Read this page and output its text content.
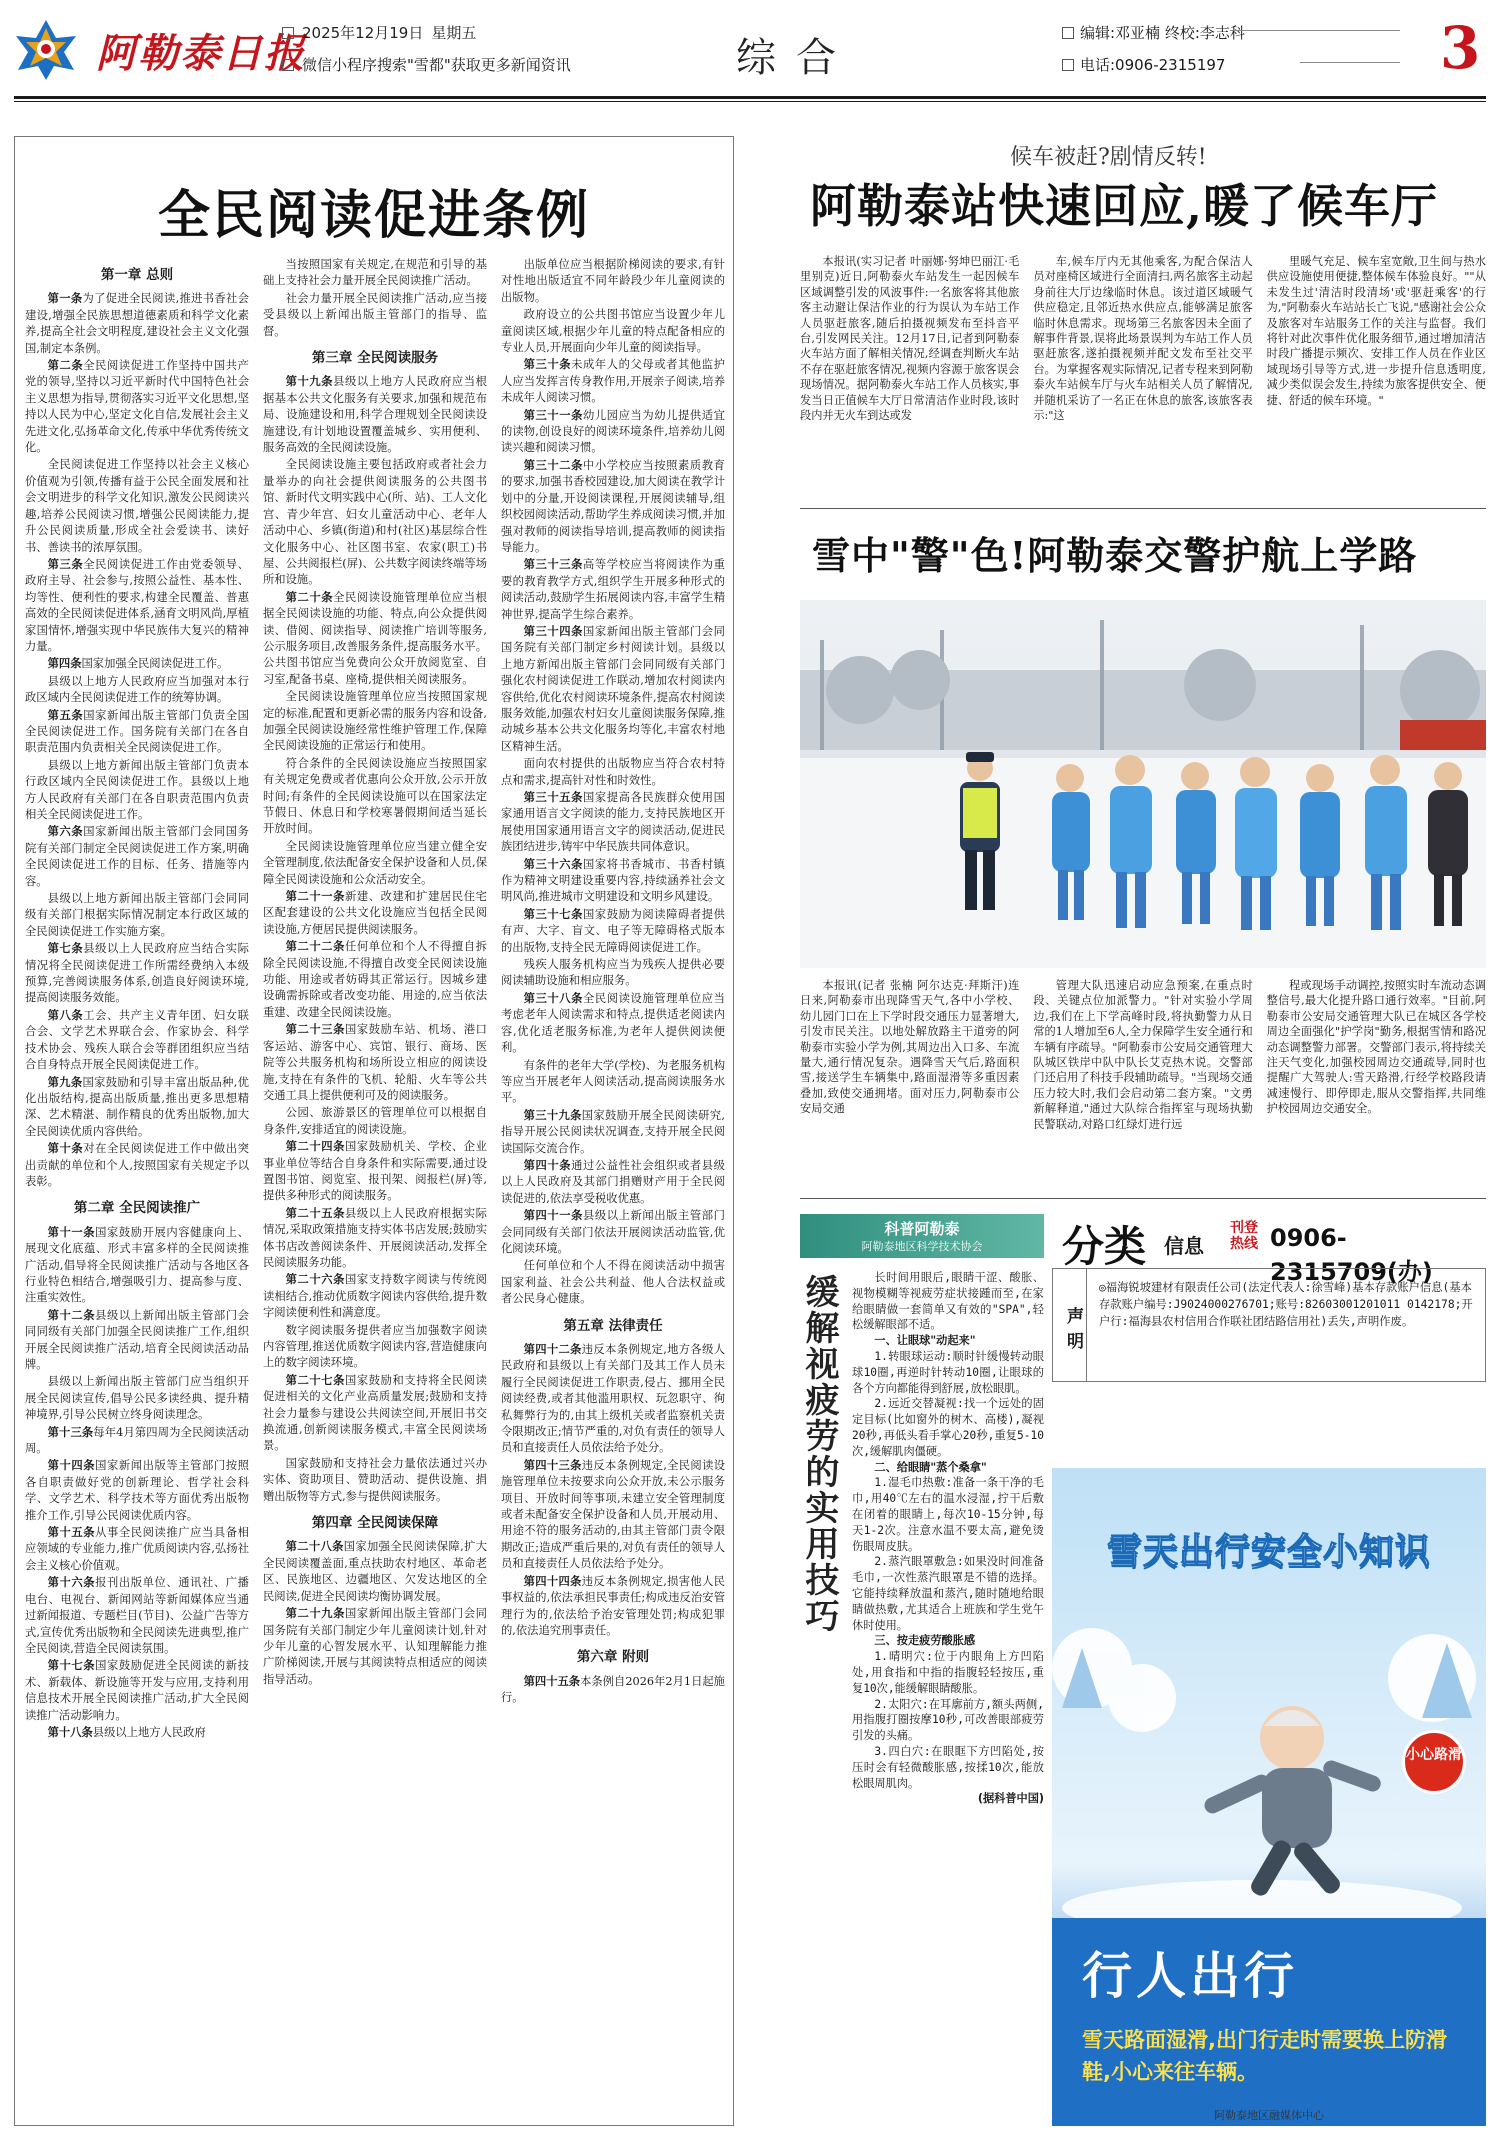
阿勒泰日报
2025年12月19日 星期五
微信小程序搜索"雪都"获取更多新闻资讯	综合
编辑:邓亚楠 终校:李志科
电话:0906-2315197	3
全民阅读促进条例
第一章 总则

第一条为了促进全民阅读,推进书香社会建设,增强全民族思想道德素质和科学文化素养,提高全社会文明程度,建设社会主义文化强国,制定本条例。

第二条全民阅读促进工作坚持中国共产党的领导,坚持以习近平新时代中国特色社会主义思想为指导,贯彻落实习近平文化思想,坚持以人民为中心,坚定文化自信,发展社会主义先进文化,弘扬革命文化,传承中华优秀传统文化。

全民阅读促进工作坚持以社会主义核心价值观为引领,传播有益于公民全面发展和社会文明进步的科学文化知识,激发公民阅读兴趣,培养公民阅读习惯,增强公民阅读能力,提升公民阅读质量,形成全社会爱读书、读好书、善读书的浓厚氛围。

第三条全民阅读促进工作由党委领导、政府主导、社会参与,按照公益性、基本性、均等性、便利性的要求,构建全民覆盖、普惠高效的全民阅读促进体系,涵育文明风尚,厚植家国情怀,增强实现中华民族伟大复兴的精神力量。

第四条国家加强全民阅读促进工作。

县级以上地方人民政府应当加强对本行政区域内全民阅读促进工作的统筹协调。

第五条国家新闻出版主管部门负责全国全民阅读促进工作。国务院有关部门在各自职责范围内负责相关全民阅读促进工作。

县级以上地方新闻出版主管部门负责本行政区域内全民阅读促进工作。县级以上地方人民政府有关部门在各自职责范围内负责相关全民阅读促进工作。

第六条国家新闻出版主管部门会同国务院有关部门制定全民阅读促进工作方案,明确全民阅读促进工作的目标、任务、措施等内容。

县级以上地方新闻出版主管部门会同同级有关部门根据实际情况制定本行政区域的全民阅读促进工作实施方案。

第七条县级以上人民政府应当结合实际情况将全民阅读促进工作所需经费纳入本级预算,完善阅读服务体系,创造良好阅读环境,提高阅读服务效能。

第八条工会、共产主义青年团、妇女联合会、文学艺术界联合会、作家协会、科学技术协会、残疾人联合会等群团组织应当结合自身特点开展全民阅读促进工作。

第九条国家鼓励和引导丰富出版品种,优化出版结构,提高出版质量,推出更多思想精深、艺术精湛、制作精良的优秀出版物,加大全民阅读优质内容供给。

第十条对在全民阅读促进工作中做出突出贡献的单位和个人,按照国家有关规定予以表彰。

第二章 全民阅读推广

第十一条国家鼓励开展内容健康向上、展现文化底蕴、形式丰富多样的全民阅读推广活动,倡导将全民阅读推广活动与各地区各行业特色相结合,增强吸引力、提高参与度、注重实效性。

第十二条县级以上新闻出版主管部门会同同级有关部门加强全民阅读推广工作,组织开展全民阅读推广活动,培育全民阅读活动品牌。

县级以上新闻出版主管部门应当组织开展全民阅读宣传,倡导公民多读经典、提升精神境界,引导公民树立终身阅读理念。

第十三条每年4月第四周为全民阅读活动周。

第十四条国家新闻出版等主管部门按照各自职责做好党的创新理论、哲学社会科学、文学艺术、科学技术等方面优秀出版物推介工作,引导公民阅读优质内容。

第十五条从事全民阅读推广应当具备相应领域的专业能力,推广优质阅读内容,弘扬社会主义核心价值观。

第十六条报刊出版单位、通讯社、广播电台、电视台、新闻网站等新闻媒体应当通过新闻报道、专题栏目(节目)、公益广告等方式,宣传优秀出版物和全民阅读先进典型,推广全民阅读,营造全民阅读氛围。

第十七条国家鼓励促进全民阅读的新技术、新载体、新设施等开发与应用,支持利用信息技术开展全民阅读推广活动,扩大全民阅读推广活动影响力。

第十八条县级以上地方人民政府

当按照国家有关规定,在规范和引导的基础上支持社会力量开展全民阅读推广活动。

社会力量开展全民阅读推广活动,应当接受县级以上新闻出版主管部门的指导、监督。

第三章 全民阅读服务

第十九条县级以上地方人民政府应当根据基本公共文化服务有关要求,加强和规范布局、设施建设和用,科学合理规划全民阅读设施建设,有计划地设置覆盖城乡、实用便利、服务高效的全民阅读设施。

全民阅读设施主要包括政府或者社会力量举办的向社会提供阅读服务的公共图书馆、新时代文明实践中心(所、站)、工人文化宫、青少年宫、妇女儿童活动中心、老年人活动中心、乡镇(街道)和村(社区)基层综合性文化服务中心、社区图书室、农家(职工)书屋、公共阅报栏(屏)、公共数字阅读终端等场所和设施。

第二十条全民阅读设施管理单位应当根据全民阅读设施的功能、特点,向公众提供阅读、借阅、阅读指导、阅读推广培训等服务,公示服务项目,改善服务条件,提高服务水平。公共图书馆应当免费向公众开放阅览室、自习室,配备书桌、座椅,提供相关阅读服务。

全民阅读设施管理单位应当按照国家规定的标准,配置和更新必需的服务内容和设备,加强全民阅读设施经常性维护管理工作,保障全民阅读设施的正常运行和使用。

符合条件的全民阅读设施应当按照国家有关规定免费或者优惠向公众开放,公示开放时间;有条件的全民阅读设施可以在国家法定节假日、休息日和学校寒暑假期间适当延长开放时间。

全民阅读设施管理单位应当建立健全安全管理制度,依法配备安全保护设备和人员,保障全民阅读设施和公众活动安全。

第二十一条新建、改建和扩建居民住宅区配套建设的公共文化设施应当包括全民阅读设施,方便居民提供阅读服务。

第二十二条任何单位和个人不得擅自拆除全民阅读设施,不得擅自改变全民阅读设施功能、用途或者妨碍其正常运行。因城乡建设确需拆除或者改变功能、用途的,应当依法重建、改建全民阅读设施。

第二十三条国家鼓励车站、机场、港口客运站、游客中心、宾馆、银行、商场、医院等公共服务机构和场所设立相应的阅读设施,支持在有条件的飞机、轮船、火车等公共交通工具上提供便利可及的阅读服务。

公园、旅游景区的管理单位可以根据自身条件,安排适宜的阅读设施。

第二十四条国家鼓励机关、学校、企业事业单位等结合自身条件和实际需要,通过设置图书馆、阅览室、报刊架、阅报栏(屏)等,提供多种形式的阅读服务。

第二十五条县级以上人民政府根据实际情况,采取政策措施支持实体书店发展;鼓励实体书店改善阅读条件、开展阅读活动,发挥全民阅读服务功能。

第二十六条国家支持数字阅读与传统阅读相结合,推动优质数字阅读内容供给,提升数字阅读便利性和满意度。

数字阅读服务提供者应当加强数字阅读内容管理,推送优质数字阅读内容,营造健康向上的数字阅读环境。

第二十七条国家鼓励和支持将全民阅读促进相关的文化产业高质量发展;鼓励和支持社会力量参与建设公共阅读空间,开展旧书交换流通,创新阅读服务模式,丰富全民阅读场景。

国家鼓励和支持社会力量依法通过兴办实体、资助项目、赞助活动、提供设施、捐赠出版物等方式,参与提供阅读服务。

第四章 全民阅读保障

第二十八条国家加强全民阅读保障,扩大全民阅读覆盖面,重点扶助农村地区、革命老区、民族地区、边疆地区、欠发达地区的全民阅读,促进全民阅读均衡协调发展。

第二十九条国家新闻出版主管部门会同国务院有关部门制定少年儿童阅读计划,针对少年儿童的心智发展水平、认知理解能力推广阶梯阅读,开展与其阅读特点相适应的阅读指导活动。

出版单位应当根据阶梯阅读的要求,有针对性地出版适宜不同年龄段少年儿童阅读的出版物。

政府设立的公共图书馆应当设置少年儿童阅读区域,根据少年儿童的特点配备相应的专业人员,开展面向少年儿童的阅读指导。

第三十条未成年人的父母或者其他监护人应当发挥言传身教作用,开展亲子阅读,培养未成年人阅读习惯。

第三十一条幼儿园应当为幼儿提供适宜的读物,创设良好的阅读环境条件,培养幼儿阅读兴趣和阅读习惯。

第三十二条中小学校应当按照素质教育的要求,加强书香校园建设,加大阅读在教学计划中的分量,开设阅读课程,开展阅读辅导,组织校园阅读活动,帮助学生养成阅读习惯,并加强对教师的阅读指导培训,提高教师的阅读指导能力。

第三十三条高等学校应当将阅读作为重要的教育教学方式,组织学生开展多种形式的阅读活动,鼓励学生拓展阅读内容,丰富学生精神世界,提高学生综合素养。

第三十四条国家新闻出版主管部门会同国务院有关部门制定乡村阅读计划。县级以上地方新闻出版主管部门会同同级有关部门强化农村阅读促进工作联动,增加农村阅读内容供给,优化农村阅读环境条件,提高农村阅读服务效能,加强农村妇女儿童阅读服务保障,推动城乡基本公共文化服务均等化,丰富农村地区精神生活。

面向农村提供的出版物应当符合农村特点和需求,提高针对性和时效性。

第三十五条国家提高各民族群众使用国家通用语言文字阅读的能力,支持民族地区开展使用国家通用语言文字的阅读活动,促进民族团结进步,铸牢中华民族共同体意识。

第三十六条国家将书香城市、书香村镇作为精神文明建设重要内容,持续涵养社会文明风尚,推进城市文明建设和文明乡风建设。

第三十七条国家鼓励为阅读障碍者提供有声、大字、盲文、电子等无障碍格式版本的出版物,支持全民无障碍阅读促进工作。

残疾人服务机构应当为残疾人提供必要阅读辅助设施和相应服务。

第三十八条全民阅读设施管理单位应当考虑老年人阅读需求和特点,提供适老阅读内容,优化适老服务标准,为老年人提供阅读便利。

有条件的老年大学(学校)、为老服务机构等应当开展老年人阅读活动,提高阅读服务水平。

第三十九条国家鼓励开展全民阅读研究,指导开展公民阅读状况调查,支持开展全民阅读国际交流合作。

第四十条通过公益性社会组织或者县级以上人民政府及其部门捐赠财产用于全民阅读促进的,依法享受税收优惠。

第四十一条县级以上新闻出版主管部门会同同级有关部门依法开展阅读活动监管,优化阅读环境。

任何单位和个人不得在阅读活动中损害国家利益、社会公共利益、他人合法权益或者公民身心健康。

第五章 法律责任

第四十二条违反本条例规定,地方各级人民政府和县级以上有关部门及其工作人员未履行全民阅读促进工作职责,侵占、挪用全民阅读经费,或者其他滥用职权、玩忽职守、徇私舞弊行为的,由其上级机关或者监察机关责令限期改正;情节严重的,对负有责任的领导人员和直接责任人员依法给予处分。

第四十三条违反本条例规定,全民阅读设施管理单位未按要求向公众开放,未公示服务项目、开放时间等事项,未建立安全管理制度或者未配备安全保护设备和人员,开展动用、用途不符的服务活动的,由其主管部门责令限期改正;造成严重后果的,对负有责任的领导人员和直接责任人员依法给予处分。

第四十四条违反本条例规定,损害他人民事权益的,依法承担民事责任;构成违反治安管理行为的,依法给予治安管理处罚;构成犯罪的,依法追究刑事责任。

第六章 附则

第四十五条本条例自2026年2月1日起施行。

候车被赶?剧情反转!
阿勒泰站快速回应,暖了候车厅

本报讯(实习记者 叶丽娜·努坤巴丽江·毛里别克)近日,阿勒泰火车站发生一起因候车区域调整引发的风波事件:一名旅客将其他旅客主动避让保洁作业的行为误认为车站工作人员驱赶旅客,随后拍摄视频发布至抖音平台,引发网民关注。12月17日,记者到阿勒泰火车站方面了解相关情况,经调查判断火车站不存在驱赶旅客情况,视频内容源于旅客误会现场情况。据阿勒泰火车站工作人员核实,事发当日正值候车大厅日常清洁作业时段,该时段内并无火车到达或发

车,候车厅内无其他乘客,为配合保洁人员对座椅区域进行全面清扫,两名旅客主动起身前往大厅边缘临时休息。该过道区域暖气供应稳定,且邻近热水供应点,能够满足旅客临时休息需求。现场第三名旅客因未全面了解事件背景,误将此场景误判为车站工作人员驱赶旅客,遂拍摄视频并配文发布至社交平台。为掌握客观实际情况,记者专程来到阿勒泰火车站候车厅与火车站相关人员了解情况,并随机采访了一名正在休息的旅客,该旅客表示:"这

里暖气充足、候车室宽敞,卫生间与热水供应设施使用便捷,整体候车体验良好。""从未发生过'清洁时段清场'或'驱赶乘客'的行为,"阿勒泰火车站站长亡飞说,"感谢社会公众及旅客对车站服务工作的关注与监督。我们将针对此次事件优化服务细节,通过增加清洁时段广播提示频次、安排工作人员在作业区域现场引导等方式,进一步提升信息透明度,减少类似误会发生,持续为旅客提供安全、便捷、舒适的候车环境。"

雪中"警"色!阿勒泰交警护航上学路

本报讯(记者 张楠 阿尔达克·拜斯汗)连日来,阿勒泰市出现降雪天气,各中小学校、幼儿园门口在上下学时段交通压力显著增大,引发市民关注。以地处解放路主干道旁的阿勒泰市实验小学为例,其周边出入口多、车流量大,通行情况复杂。遇降雪天气后,路面积雪,接送学生车辆集中,路面湿滑等多重因素叠加,致使交通拥堵。面对压力,阿勒泰市公安局交通

管理大队迅速启动应急预案,在重点时段、关键点位加派警力。"针对实验小学周边,我们在上下学高峰时段,将执勤警力从日常的1人增加至6人,全力保障学生安全通行和车辆有序疏导。"阿勒泰市公安局交通管理大队城区铁岸中队中队长艾克热木说。交警部门还启用了科技手段辅助疏导。"当现场交通压力较大时,我们会启动第二套方案。"文勇新解释道,"通过大队综合指挥室与现场执勤民警联动,对路口红绿灯进行远

程或现场手动调控,按照实时车流动态调整信号,最大化提升路口通行效率。"目前,阿勒泰市公安局交通管理大队已在城区各学校周边全面强化"护学岗"勤务,根据雪情和路况动态调整警力部署。交警部门表示,将持续关注天气变化,加强校园周边交通疏导,同时也提醒广大驾驶人:雪天路滑,行经学校路段请减速慢行、即停即走,服从交警指挥,共同维护校园周边交通安全。

科普阿勒泰
阿勒泰地区科学技术协会
缓解视疲劳的实用技巧	长时间用眼后,眼睛干涩、酸胀、视物模糊等视疲劳症状接踵而至,在家给眼睛做一套简单又有效的"SPA",轻松缓解眼部不适。

一、让眼球"动起来"

1.转眼球运动:顺时针缓慢转动眼球10圈,再逆时针转动10圈,让眼球的各个方向都能得到舒展,放松眼肌。

2.远近交替凝视:找一个远处的固定目标(比如窗外的树木、高楼),凝视20秒,再低头看手掌心20秒,重复5-10次,缓解肌肉僵硬。

二、给眼睛"蒸个桑拿"

1.湿毛巾热敷:准备一条干净的毛巾,用40℃左右的温水浸湿,拧干后敷在闭着的眼睛上,每次10-15分钟,每天1-2次。注意水温不要太高,避免烫伤眼周皮肤。

2.蒸汽眼罩敷急:如果没时间准备毛巾,一次性蒸汽眼罩是不错的选择。它能持续释放温和蒸汽,随时随地给眼睛做热敷,尤其适合上班族和学生党午休时使用。

三、按走疲劳酸胀感

1.晴明穴:位于内眼角上方凹陷处,用食指和中指的指腹轻轻按压,重复10次,能缓解眼睛酸胀。

2.太阳穴:在耳廓前方,额头两侧,用指腹打圈按摩10秒,可改善眼部疲劳引发的头痛。

3.四白穴:在眼眶下方凹陷处,按压时会有轻微酸胀感,按揉10次,能放松眼周肌肉。

(据科普中国)

分类 信息
刊登热线 0906-2315709(办)
声明
◎福海锐坡建材有限责任公司(法定代表人:徐雪峰)基本存款账户信息(基本存款账户编号:J9024000276701;账号:82603001201011 0142178;开户行:福海县农村信用合作联社团结路信用社)丢失,声明作废。
雪天出行安全小知识
小心路滑
行人出行
雪天路面湿滑,出门行走时需要换上防滑鞋,小心来往车辆。
阿勒泰地区融媒体中心
